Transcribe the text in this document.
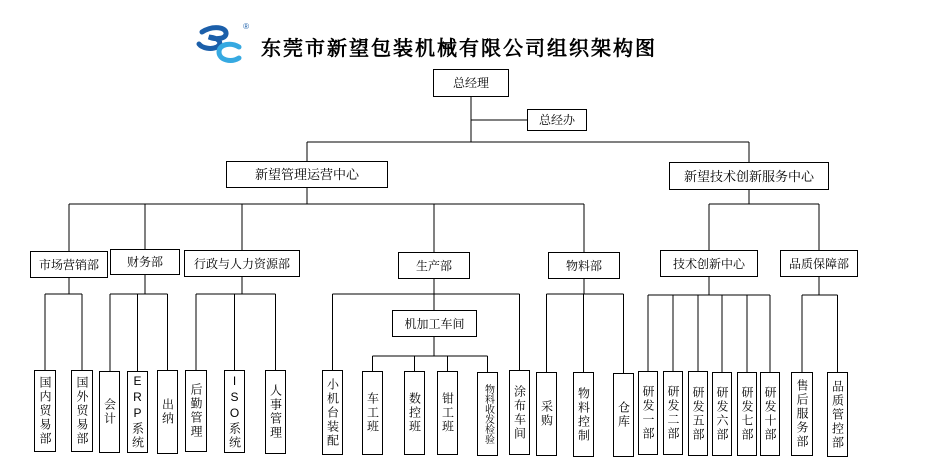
®
东莞市新望包装机械有限公司组织架构图
总经理
总经办
新望管理运营中心	新望技术创新服务中心
市场营销部	财务部	行政与人力资源部	生产部	物料部	技术创新中心	品质保障部
机加工车间
国内贸易部	国外贸易部	会计 ERP系统 出纳	后勤管理	ISO系统 人事管理	小机台装配 车工班 数控班 钳工班	物料收发检验	涂布车间 采购 物料控制 仓库 研发一部 研发二部 研发五部 研发六部 研发七部 研发十部	售后服务部	品质管控部
